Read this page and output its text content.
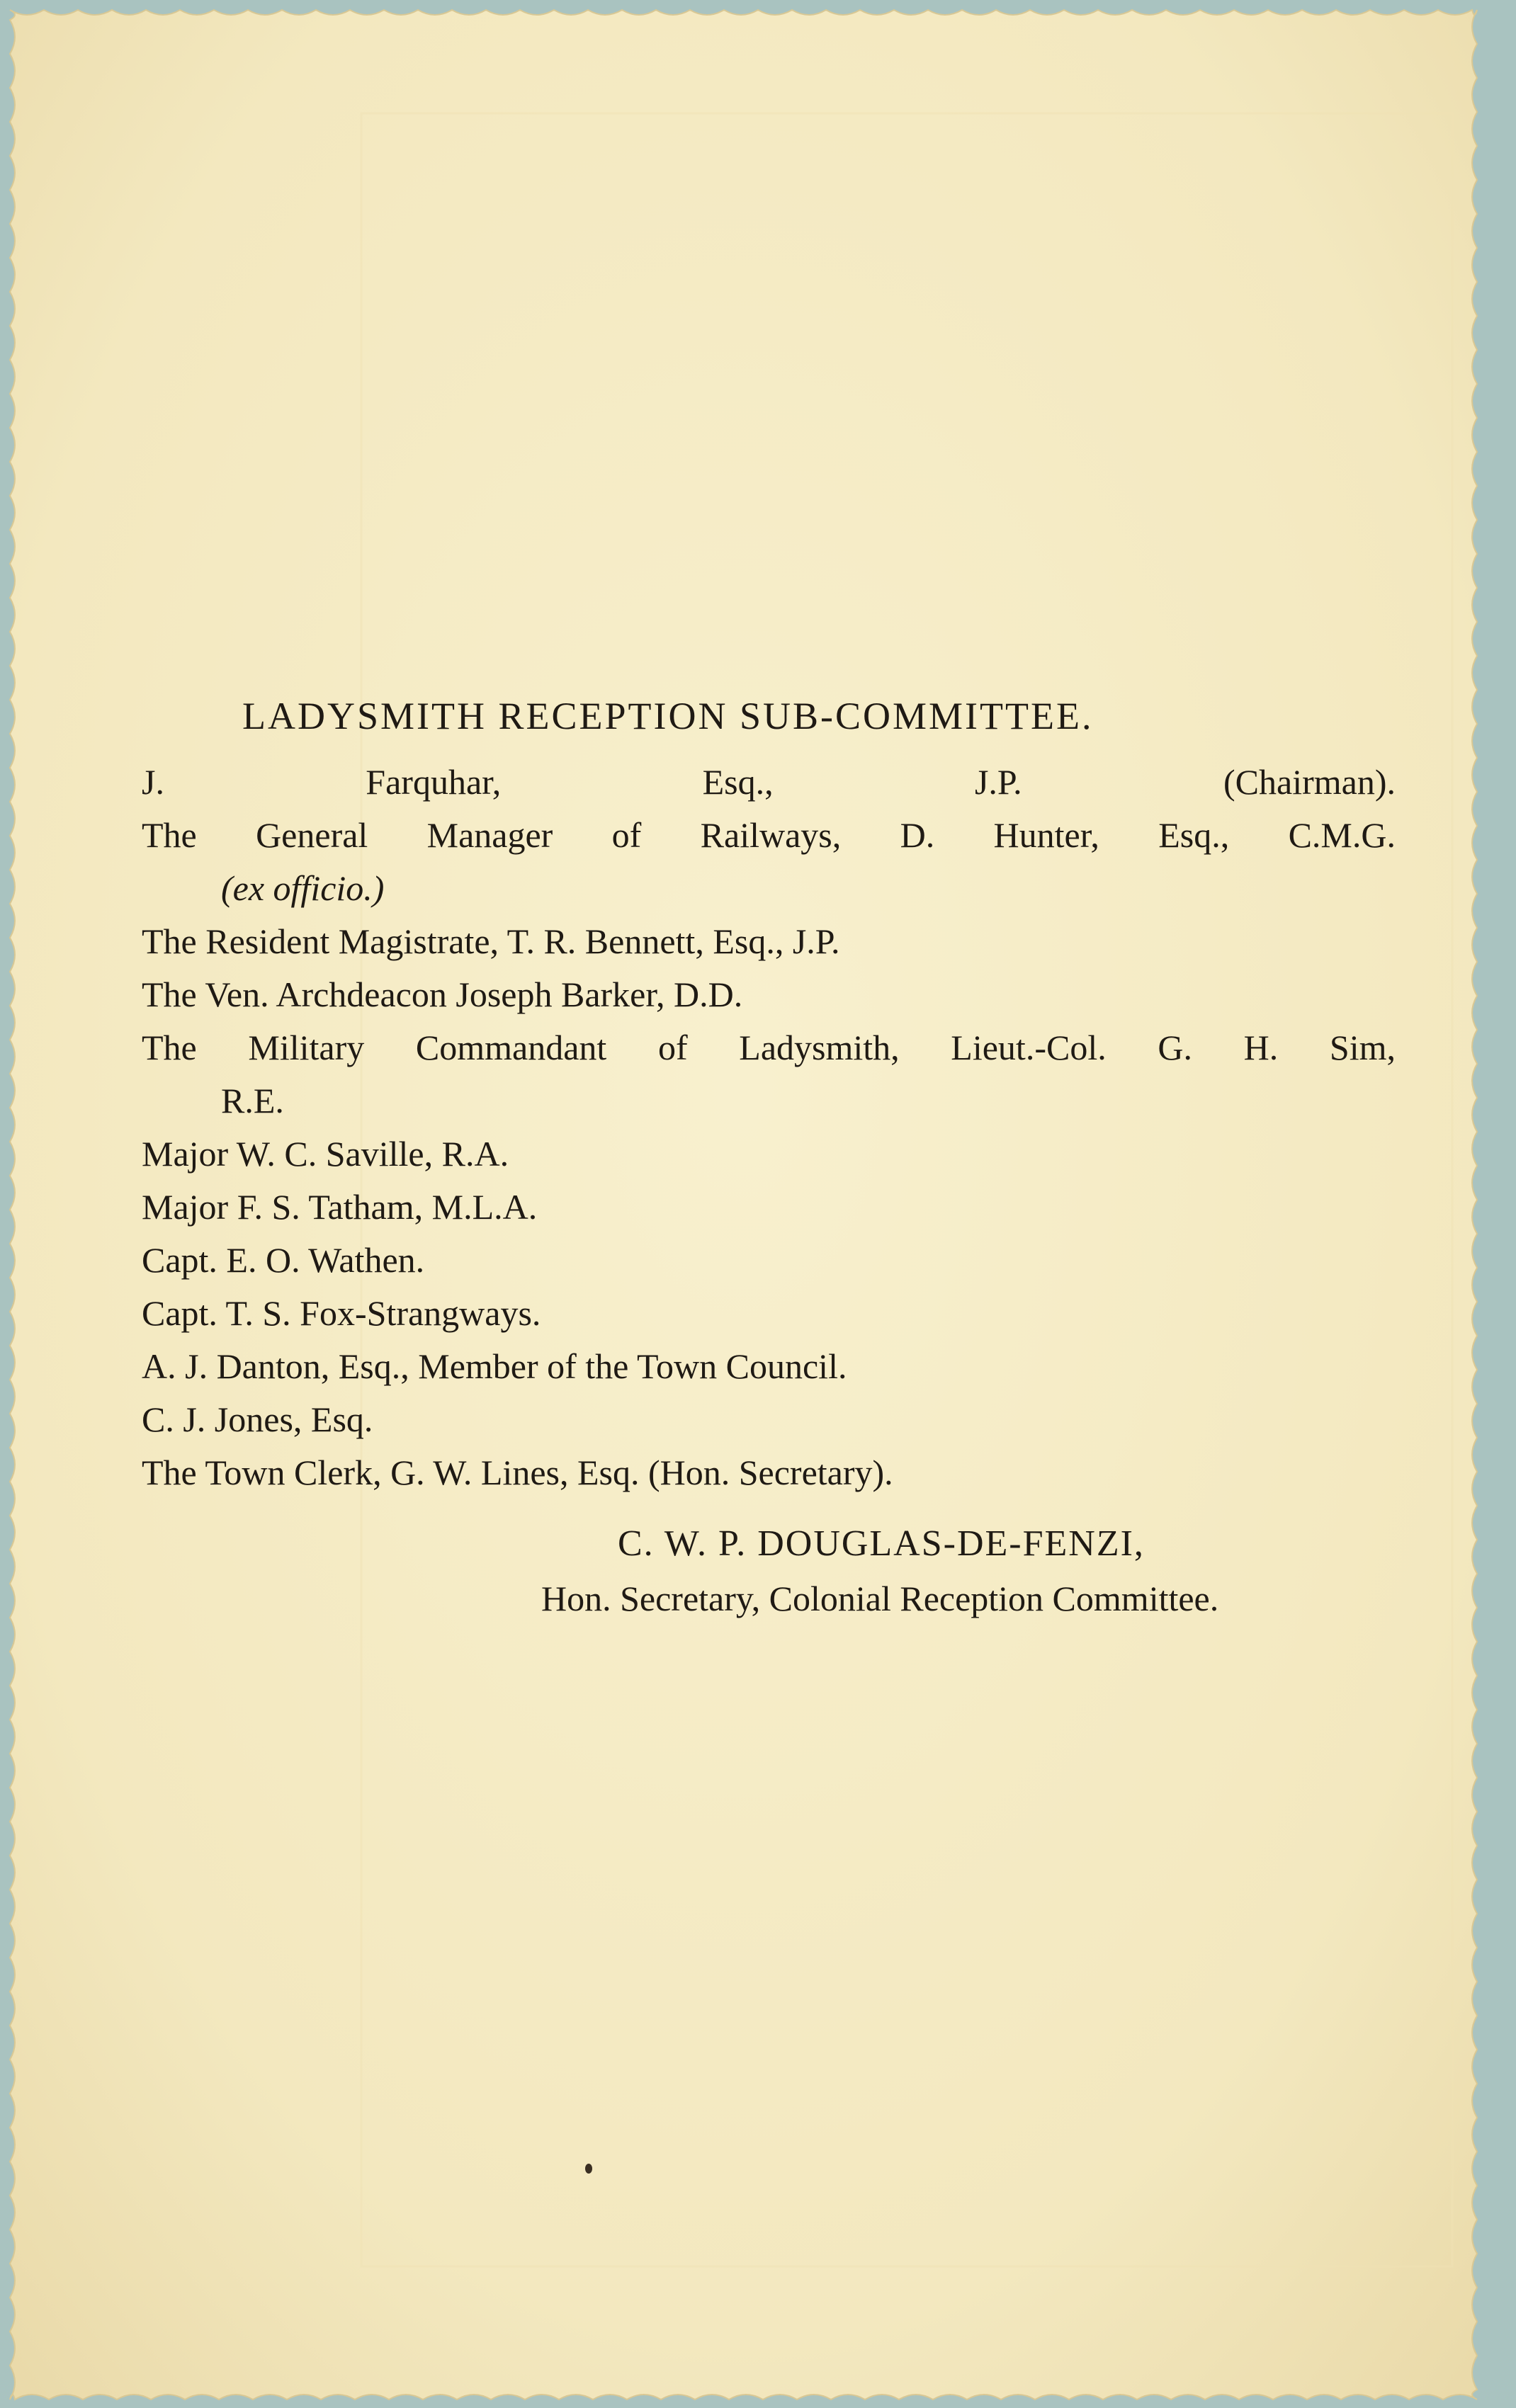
LADYSMITH RECEPTION SUB-COMMITTEE.
J. Farquhar, Esq., J.P. (Chairman).
The General Manager of Railways, D. Hunter, Esq., C.M.G.
(ex officio.)
The Resident Magistrate, T. R. Bennett, Esq., J.P.
The Ven. Archdeacon Joseph Barker, D.D.
The Military Commandant of Ladysmith, Lieut.-Col. G. H. Sim,
R.E.
Major W. C. Saville, R.A.
Major F. S. Tatham, M.L.A.
Capt. E. O. Wathen.
Capt. T. S. Fox-Strangways.
A. J. Danton, Esq., Member of the Town Council.
C. J. Jones, Esq.
The Town Clerk, G. W. Lines, Esq. (Hon. Secretary).
C. W. P. DOUGLAS-DE-FENZI,
Hon. Secretary, Colonial Reception Committee.
